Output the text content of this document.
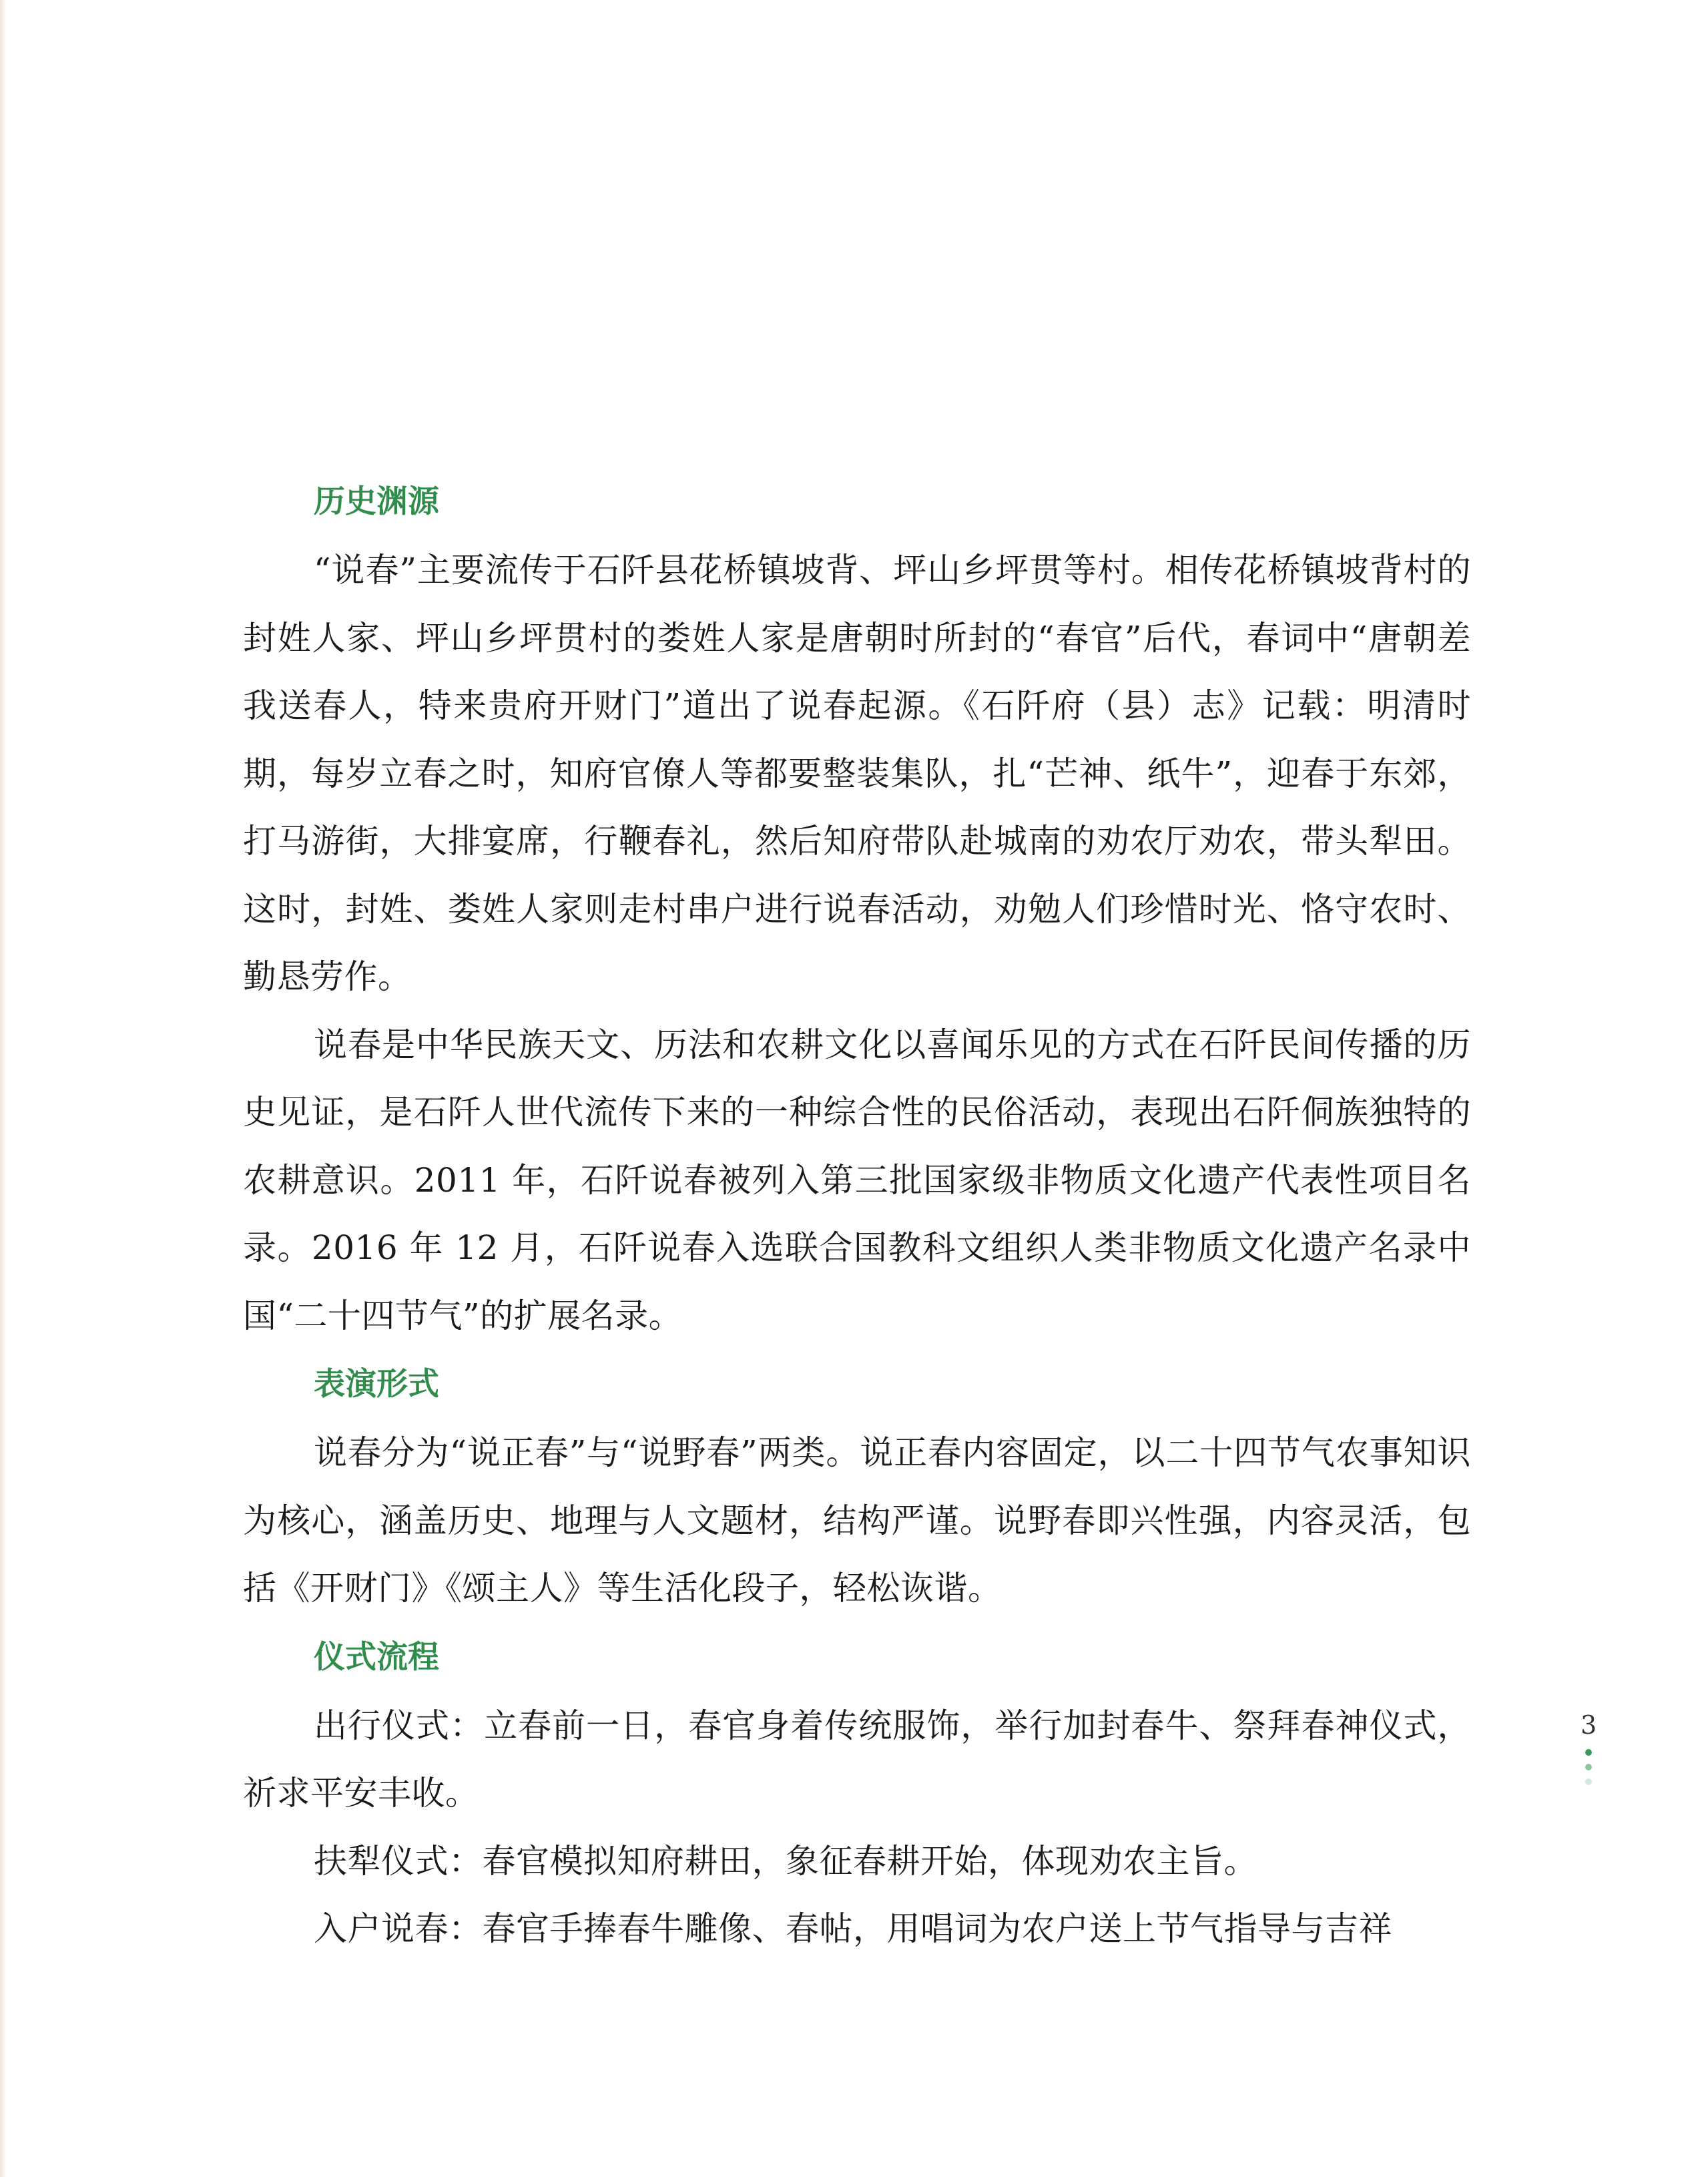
历史渊源

“说春”主要流传于石阡县花桥镇坡背、坪山乡坪贯等村。相传花桥镇坡背村的封姓人家、坪山乡坪贯村的娄姓人家是唐朝时所封的“春官”后代，春词中“唐朝差我送春人，特来贵府开财门”道出了说春起源。《石阡府（县）志》记载：明清时期，每岁立春之时，知府官僚人等都要整装集队，扎“芒神、纸牛”，迎春于东郊，打马游街，大排宴席，行鞭春礼，然后知府带队赴城南的劝农厅劝农，带头犁田。这时，封姓、娄姓人家则走村串户进行说春活动，劝勉人们珍惜时光、恪守农时、勤恳劳作。

说春是中华民族天文、历法和农耕文化以喜闻乐见的方式在石阡民间传播的历史见证，是石阡人世代流传下来的一种综合性的民俗活动，表现出石阡侗族独特的农耕意识。2011 年，石阡说春被列入第三批国家级非物质文化遗产代表性项目名录。2016 年 12 月，石阡说春入选联合国教科文组织人类非物质文化遗产名录中国“二十四节气”的扩展名录。

表演形式

说春分为“说正春”与“说野春”两类。说正春内容固定，以二十四节气农事知识为核心，涵盖历史、地理与人文题材，结构严谨。说野春即兴性强，内容灵活，包括《开财门》《颂主人》等生活化段子，轻松诙谐。

仪式流程

出行仪式：立春前一日，春官身着传统服饰，举行加封春牛、祭拜春神仪式，祈求平安丰收。

扶犁仪式：春官模拟知府耕田，象征春耕开始，体现劝农主旨。

入户说春：春官手捧春牛雕像、春帖，用唱词为农户送上节气指导与吉祥

3
